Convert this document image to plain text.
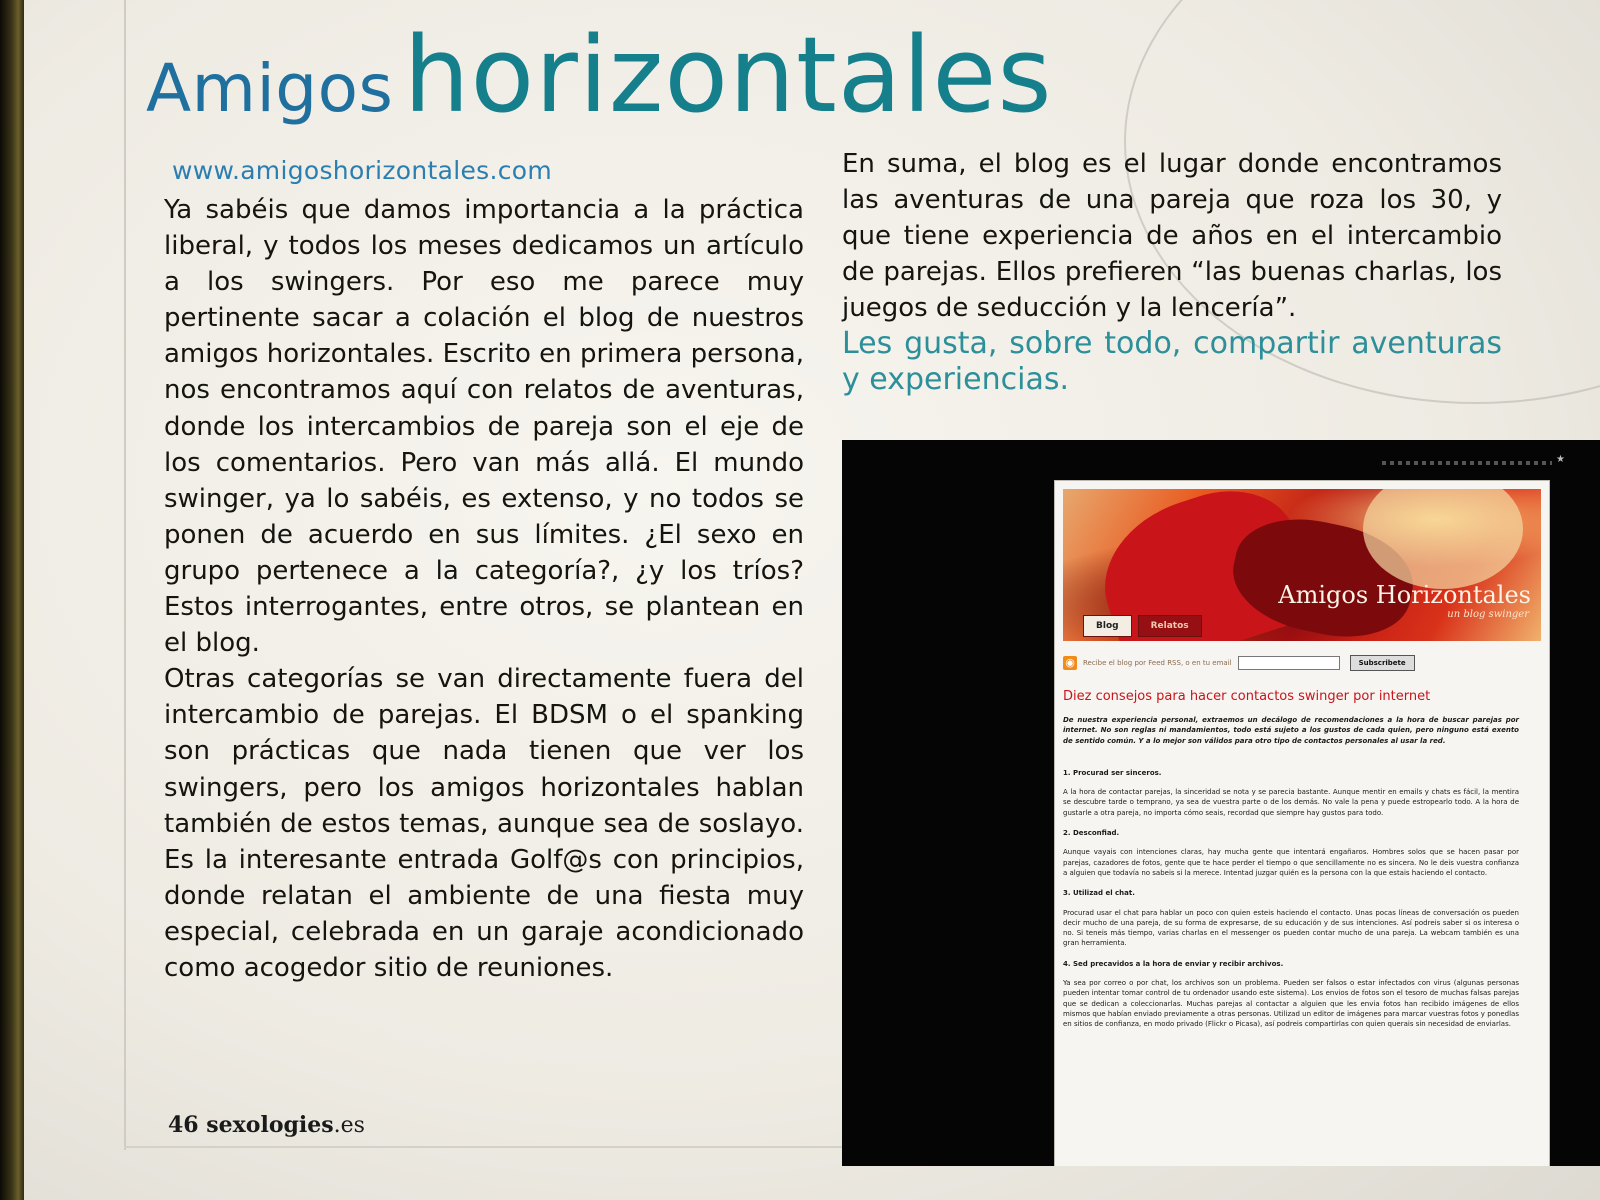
Amigos horizontales
www.amigoshorizontales.com

Ya sabéis que damos importancia a la práctica liberal, y todos los meses dedicamos un artículo a los swingers. Por eso me parece muy pertinente sacar a colación el blog de nuestros amigos horizontales. Escrito en primera persona, nos encontramos aquí con relatos de aventuras, donde los intercambios de pareja son el eje de los comentarios. Pero van más allá. El mundo swinger, ya lo sabéis, es extenso, y no todos se ponen de acuerdo en sus límites. ¿El sexo en grupo pertenece a la categoría?, ¿y los tríos? Estos interrogantes, entre otros, se plantean en el blog.

Otras categorías se van directamente fuera del intercambio de parejas. El BDSM o el spanking son prácticas que nada tienen que ver los swingers, pero los amigos horizontales hablan también de estos temas, aunque sea de soslayo. Es la interesante entrada Golf@s con principios, donde relatan el ambiente de una fiesta muy especial, celebrada en un garaje acondicionado como acogedor sitio de reuniones.

En suma, el blog es el lugar donde encontramos las aventuras de una pareja que roza los 30, y que tiene experiencia de años en el intercambio de parejas. Ellos prefieren “las buenas charlas, los juegos de seducción y la lencería”.

Les gusta, sobre todo, compartir aventuras y experiencias.

46 sexologies.es
★
Amigos Horizontales
un blog swinger
Blog	Relatos
◉	Recibe el blog por Feed RSS, o en tu email	Subscribete
Diez consejos para hacer contactos swinger por internet

De nuestra experiencia personal, extraemos un decálogo de recomendaciones a la hora de buscar parejas por internet. No son reglas ni mandamientos, todo está sujeto a los gustos de cada quien, pero ninguno está exento de sentido común. Y a lo mejor son válidos para otro tipo de contactos personales al usar la red.

1. Procurad ser sinceros.

A la hora de contactar parejas, la sinceridad se nota y se parecia bastante. Aunque mentir en emails y chats es fácil, la mentira se descubre tarde o temprano, ya sea de vuestra parte o de los demás. No vale la pena y puede estropearlo todo. A la hora de gustarle a otra pareja, no importa cómo seais, recordad que siempre hay gustos para todo.

2. Desconfiad.

Aunque vayais con intenciones claras, hay mucha gente que intentará engañaros. Hombres solos que se hacen pasar por parejas, cazadores de fotos, gente que te hace perder el tiempo o que sencillamente no es sincera. No le deis vuestra confianza a alguien que todavía no sabeis si la merece. Intentad juzgar quién es la persona con la que estais haciendo el contacto.

3. Utilizad el chat.

Procurad usar el chat para hablar un poco con quien esteis haciendo el contacto. Unas pocas líneas de conversación os pueden decir mucho de una pareja, de su forma de expresarse, de su educación y de sus intenciones. Así podreis saber si os interesa o no. Si teneis más tiempo, varias charlas en el messenger os pueden contar mucho de una pareja. La webcam también es una gran herramienta.

4. Sed precavidos a la hora de enviar y recibir archivos.

Ya sea por correo o por chat, los archivos son un problema. Pueden ser falsos o estar infectados con virus (algunas personas pueden intentar tomar control de tu ordenador usando este sistema). Los envios de fotos son el tesoro de muchas falsas parejas que se dedican a coleccionarlas. Muchas parejas al contactar a alguien que les envia fotos han recibido imágenes de ellos mismos que habían enviado previamente a otras personas. Utilizad un editor de imágenes para marcar vuestras fotos y ponedlas en sitios de confianza, en modo privado (Flickr o Picasa), así podreis compartirlas con quien querais sin necesidad de enviarlas.
